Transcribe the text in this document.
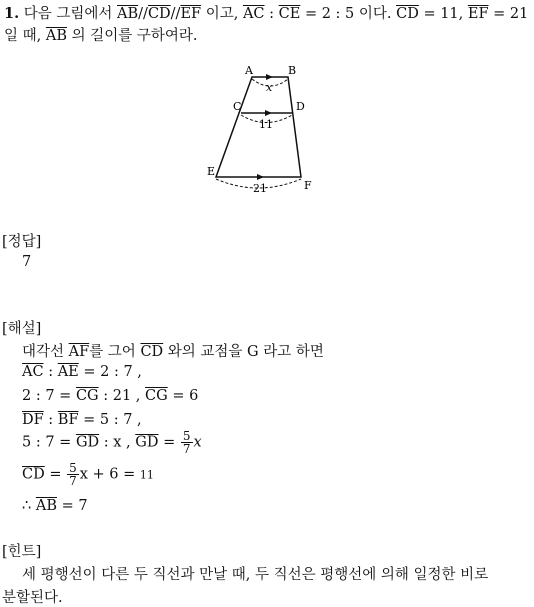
1. 다음 그림에서 $\overline{AB}//\overline{CD}//\overline{EF}$ 이고, $\overline{AC}$ : $\overline{CE} = 2$ : 5 이다. $\overline{CD} = 11$, $\overline{EF} = 21$
일 때, $\overline{AB}$ 의 길이를 구하여라.
A	B
C	D
E
F
x
11
21
[정답]
7
[해설]
대각선 $\overline{AF}$를 그어 $\overline{CD}$ 와의 교점을 G 라고 하면
$\overline{AC}$ : $\overline{AE} = 2$ : 7 ,
2 : $7 = \overline{CG}$ : 21 , $\overline{CG} = 6$
$\overline{DF}$ : $\overline{BF} = 5$ : 7 ,
5 : $7 = \overline{GD}$ : x , $\overline{GD} = \frac{5}{7}$ x
$\overline{CD} = \frac{5}{7}$ x + 6 = 11
∴ $\overline{AB} = 7$
[힌트]
세 평행선이 다른 두 직선과 만날 때, 두 직선은 평행선에 의해 일정한 비로
분할된다.
